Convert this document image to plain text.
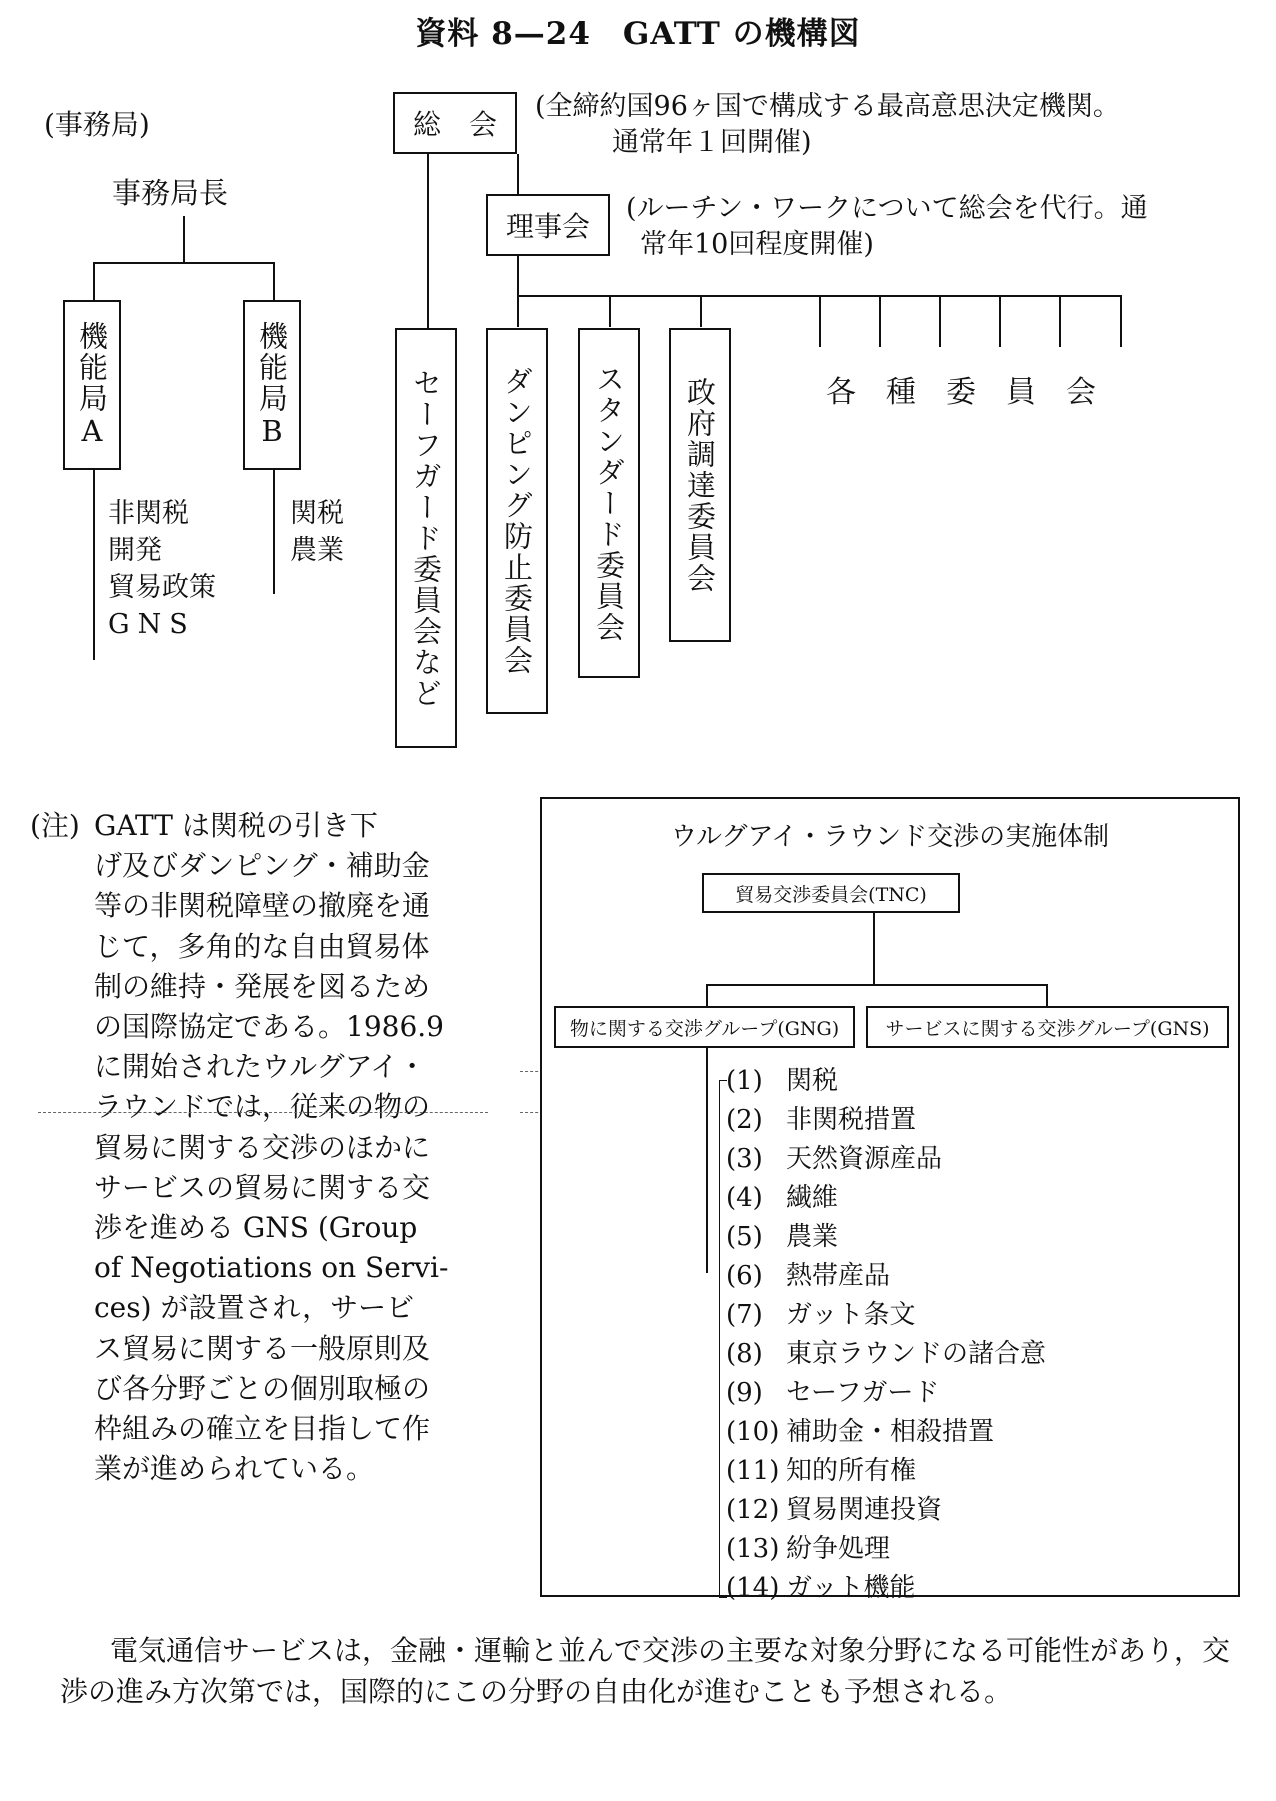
資料 8—24　GATT の機構図
(事務局)
事務局長
機能局A	機能局B
非関税
開発
貿易政策
GNS
関税
農業
総　会
(全締約国96ヶ国で構成する最高意思決定機関。
通常年１回開催)
理事会
(ルーチン・ワークについて総会を代行。通
常年10回程度開催)
セーフガード委員会など ダンピング防止委員会 スタンダード委員会 政府調達委員会	各　種　委　員　会
(注) GATT は関税の引き下
げ及びダンピング・補助金
等の非関税障壁の撤廃を通
じて，多角的な自由貿易体
制の維持・発展を図るため
の国際協定である。1986.9
に開始されたウルグアイ・
ラウンドでは，従来の物の
貿易に関する交渉のほかに
サービスの貿易に関する交
渉を進める GNS (Group
of Negotiations on Servi-
ces) が設置され，サービ
ス貿易に関する一般原則及
び各分野ごとの個別取極の
枠組みの確立を目指して作
業が進められている。
ウルグアイ・ラウンド交渉の実施体制
貿易交渉委員会(TNC)
物に関する交渉グループ(GNG) サービスに関する交渉グループ(GNS)
(1) 関税
(2) 非関税措置
(3) 天然資源産品
(4) 繊維
(5) 農業
(6) 熱帯産品
(7) ガット条文
(8) 東京ラウンドの諸合意
(9) セーフガード
(10) 補助金・相殺措置
(11) 知的所有権
(12) 貿易関連投資
(13) 紛争処理
(14) ガット機能
電気通信サービスは，金融・運輸と並んで交渉の主要な対象分野になる可能性があり，交渉の進み方次第では，国際的にこの分野の自由化が進むことも予想される。
